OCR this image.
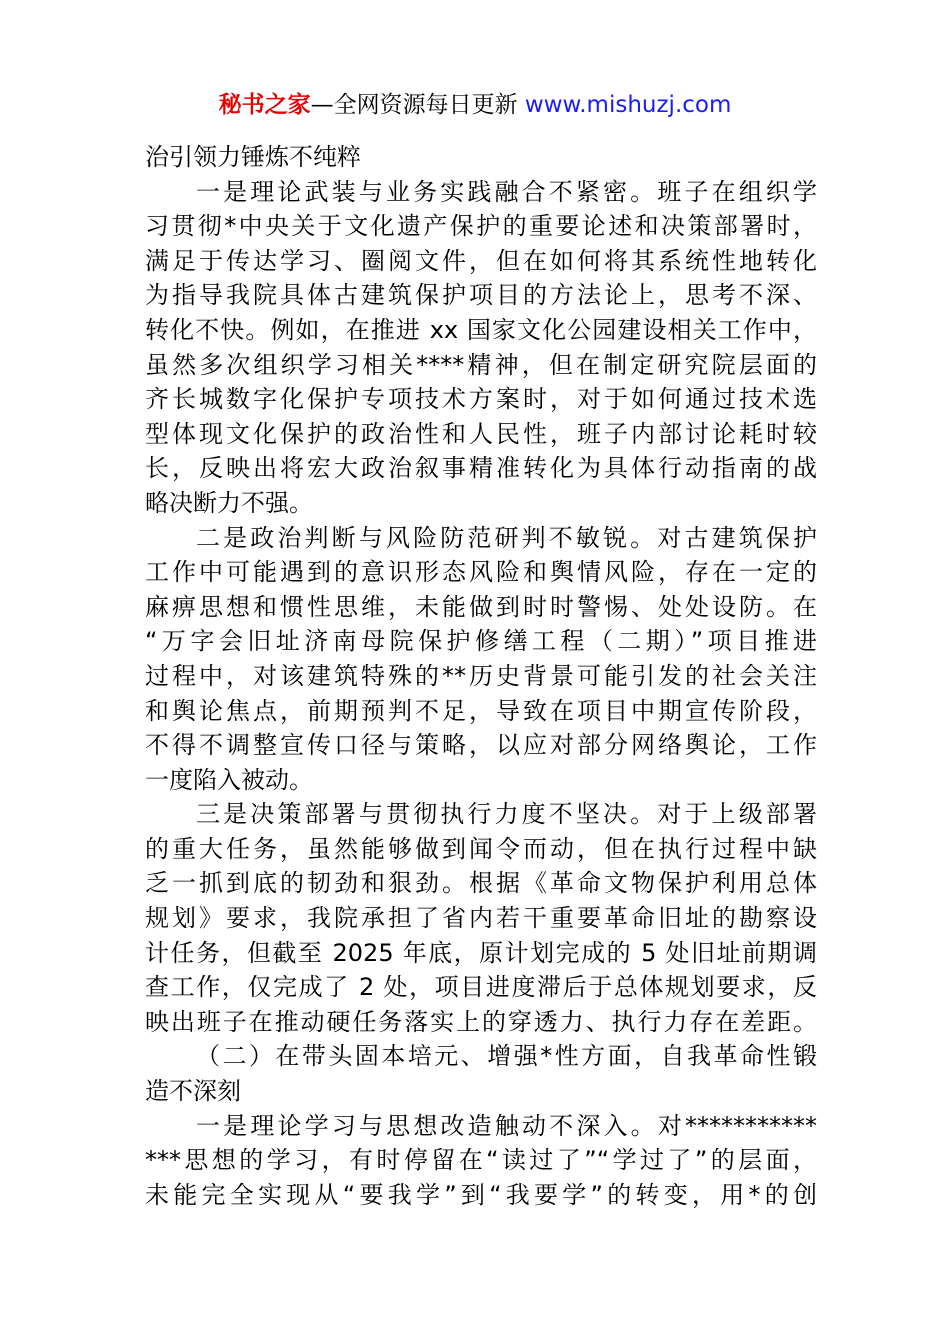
秘书之家—全网资源每日更新 www.mishuzj.com
治引领力锤炼不纯粹
一是理论武装与业务实践融合不紧密。班子在组织学
习贯彻*中央关于文化遗产保护的重要论述和决策部署时，
满足于传达学习、圈阅文件，但在如何将其系统性地转化
为指导我院具体古建筑保护项目的方法论上，思考不深、
转化不快。例如，在推进 xx 国家文化公园建设相关工作中，
虽然多次组织学习相关****精神，但在制定研究院层面的
齐长城数字化保护专项技术方案时，对于如何通过技术选
型体现文化保护的政治性和人民性，班子内部讨论耗时较
长，反映出将宏大政治叙事精准转化为具体行动指南的战
略决断力不强。
二是政治判断与风险防范研判不敏锐。对古建筑保护
工作中可能遇到的意识形态风险和舆情风险，存在一定的
麻痹思想和惯性思维，未能做到时时警惕、处处设防。在
“万字会旧址济南母院保护修缮工程（二期）”项目推进
过程中，对该建筑特殊的**历史背景可能引发的社会关注
和舆论焦点，前期预判不足，导致在项目中期宣传阶段，
不得不调整宣传口径与策略，以应对部分网络舆论，工作
一度陷入被动。
三是决策部署与贯彻执行力度不坚决。对于上级部署
的重大任务，虽然能够做到闻令而动，但在执行过程中缺
乏一抓到底的韧劲和狠劲。根据《革命文物保护利用总体
规划》要求，我院承担了省内若干重要革命旧址的勘察设
计任务，但截至 2025 年底，原计划完成的 5 处旧址前期调
查工作，仅完成了 2 处，项目进度滞后于总体规划要求，反
映出班子在推动硬任务落实上的穿透力、执行力存在差距。
（二）在带头固本培元、增强*性方面，自我革命性锻
造不深刻
一是理论学习与思想改造触动不深入。对***********
***思想的学习，有时停留在“读过了”“学过了”的层面，
未能完全实现从“要我学”到“我要学”的转变，用*的创
